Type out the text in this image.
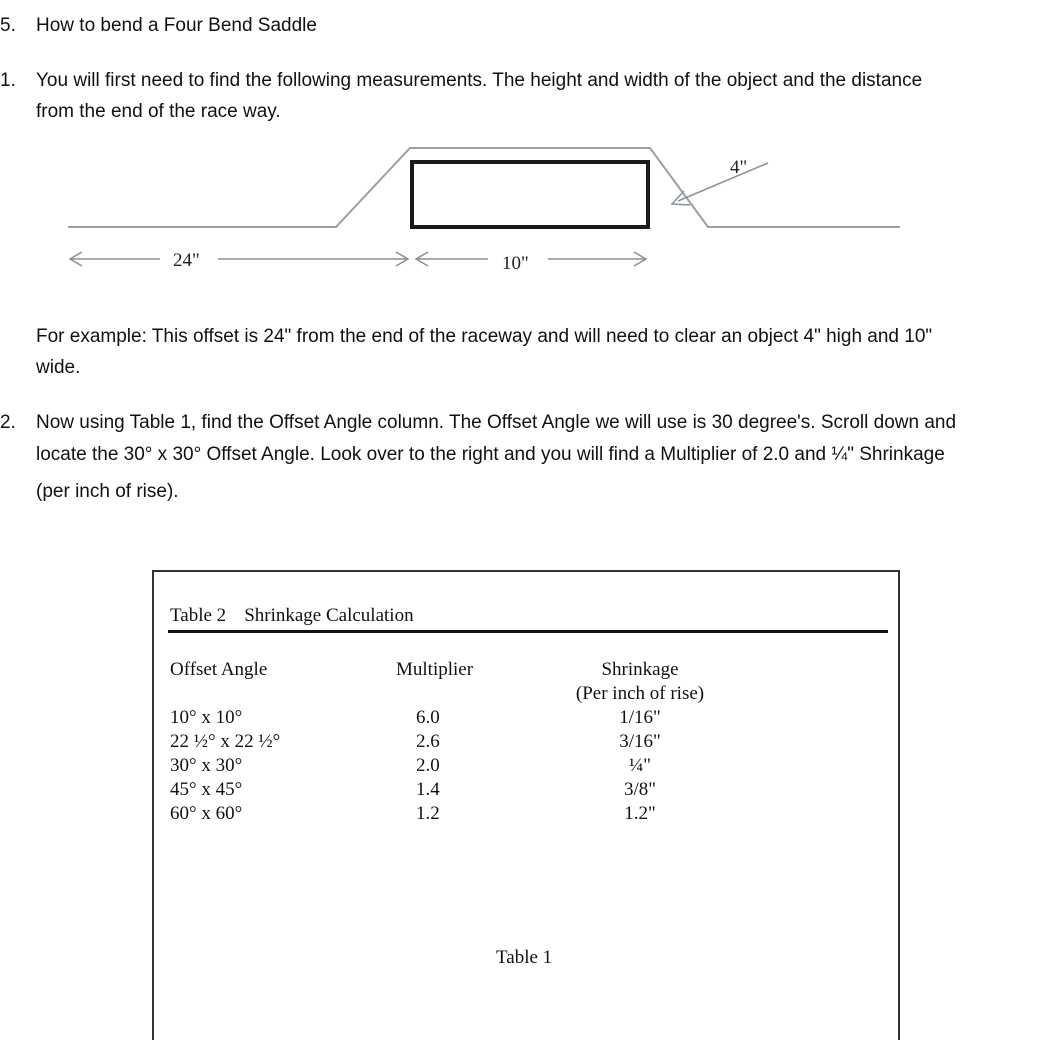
5. How to bend a Four Bend Saddle
1. You will first need to find the following measurements. The height and width of the object and the distance
from the end of the race way.
4"
24"	10"
For example: This offset is 24" from the end of the raceway and will need to clear an object 4" high and 10"
wide.
2. Now using Table 1, find the Offset Angle column. The Offset Angle we will use is 30 degree's. Scroll down and
locate the 30° x 30° Offset Angle. Look over to the right and you will find a Multiplier of 2.0 and ¼" Shrinkage
(per inch of rise).
Table 2 Shrinkage Calculation
Offset Angle
10° x 10°
22 ½° x 22 ½°
30° x 30°
45° x 45°
60° x 60°
Multiplier
6.0
2.6
2.0
1.4
1.2
Shrinkage
(Per inch of rise)
1/16"
3/16"
¼"
3/8"
1.2"
Table 1
